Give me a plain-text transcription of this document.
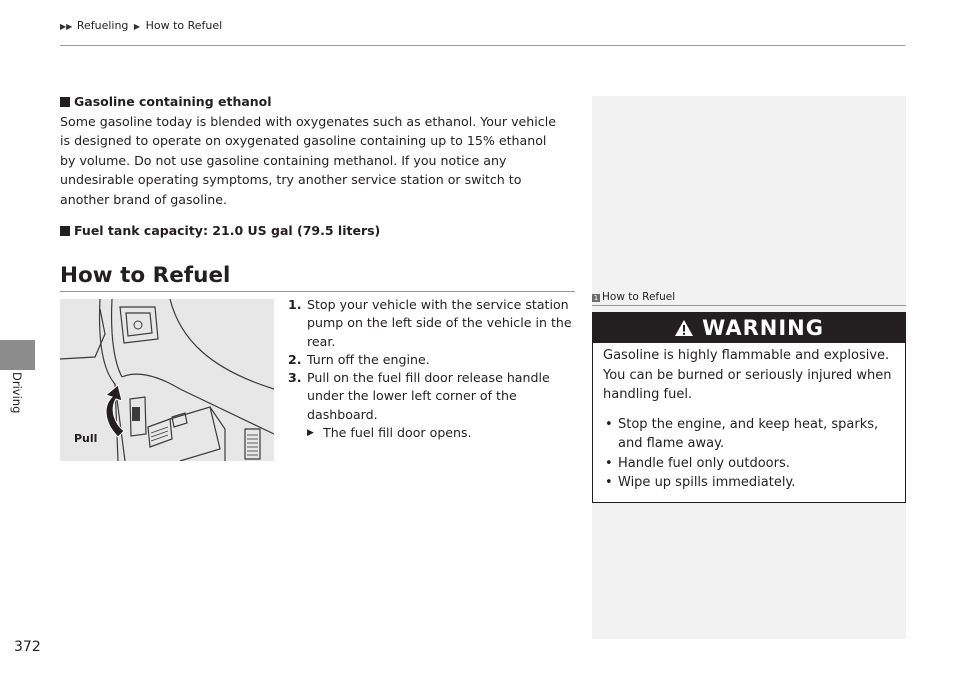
▶▶ Refueling ▶ How to Refuel
Driving
372
Gasoline containing ethanol
Some gasoline today is blended with oxygenates such as ethanol. Your vehicle is designed to operate on oxygenated gasoline containing up to 15% ethanol by volume. Do not use gasoline containing methanol. If you notice any undesirable operating symptoms, try another service station or switch to another brand of gasoline.
Fuel tank capacity: 21.0 US gal (79.5 liters)
How to Refuel
Pull
1. Stop your vehicle with the service station pump on the left side of the vehicle in the rear.
2. Turn off the engine.
3. Pull on the fuel fill door release handle under the lower left corner of the dashboard.
▶ The fuel fill door opens.
1 How to Refuel
WARNING
Gasoline is highly flammable and explosive. You can be burned or seriously injured when handling fuel.
• Stop the engine, and keep heat, sparks, and flame away.
• Handle fuel only outdoors.
• Wipe up spills immediately.
